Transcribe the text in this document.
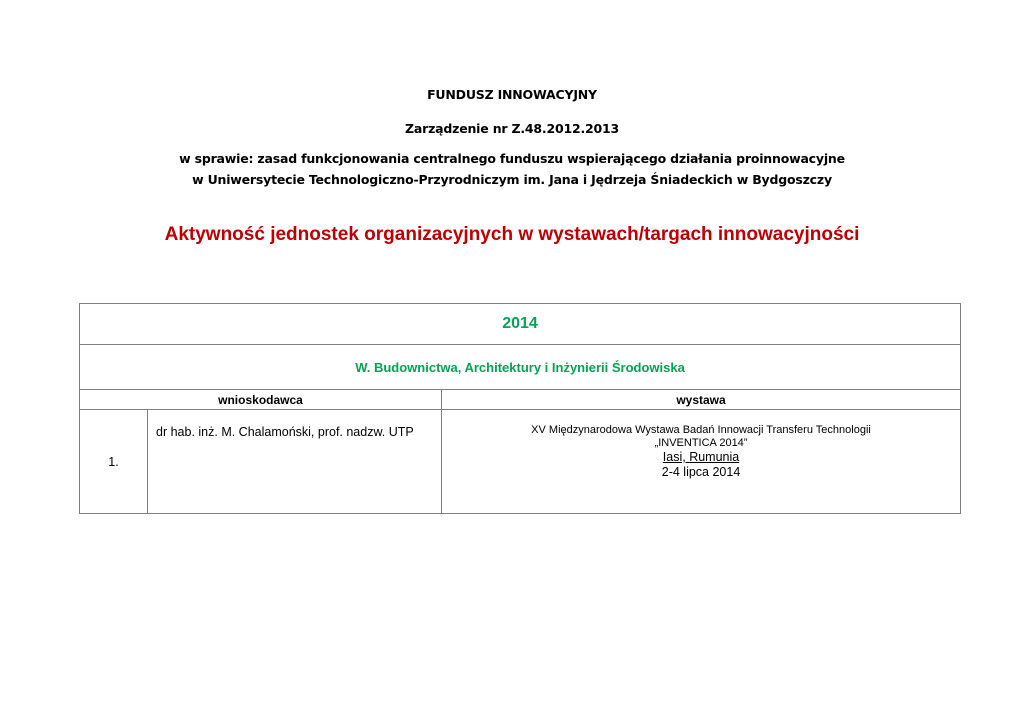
FUNDUSZ INNOWACYJNY
Zarządzenie nr Z.48.2012.2013
w sprawie: zasad funkcjonowania centralnego funduszu wspierającego działania proinnowacyjne
w Uniwersytecie Technologiczno-Przyrodniczym im. Jana i Jędrzeja Śniadeckich w Bydgoszczy
Aktywność jednostek organizacyjnych w wystawach/targach innowacyjności
2014		
W. Budownictwa, Architektury i Inżynierii Środowiska		
wnioskodawca		wystawa
1.	dr hab. inż. M. Chalamoński, prof. nadzw. UTP	XV Międzynarodowa Wystawa Badań Innowacji Transferu Technologii
„INVENTICA 2014”
Iasi, Rumunia
2-4 lipca 2014
